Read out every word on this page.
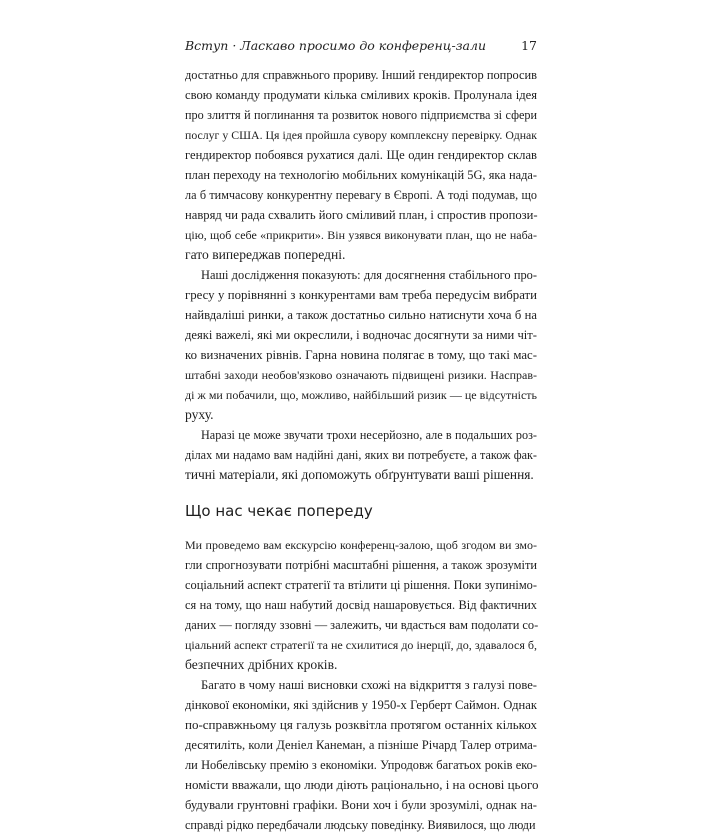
Вступ · Ласкаво просимо до конференц-зали	17
достатньо для справжнього прориву. Інший гендиректор попросив
свою команду продумати кілька сміливих кроків. Пролунала ідея
про злиття й поглинання та розвиток нового підприємства зі сфери
послуг у США. Ця ідея пройшла сувору комплексну перевірку. Однак
гендиректор побоявся рухатися далі. Ще один гендиректор склав
план переходу на технологію мобільних комунікацій 5G, яка нада-
ла б тимчасову конкурентну перевагу в Європі. А тоді подумав, що
навряд чи рада схвалить його сміливий план, і спростив пропози-
цію, щоб себе «прикрити». Він узявся виконувати план, що не наба-
гато випереджав попередні.
Наші дослідження показують: для досягнення стабільного про-
гресу у порівнянні з конкурентами вам треба передусім вибрати
найвдаліші ринки, а також достатньо сильно натиснути хоча б на
деякі важелі, які ми окреслили, і водночас досягнути за ними чіт-
ко визначених рівнів. Гарна новина полягає в тому, що такі мас-
штабні заходи необов'язково означають підвищені ризики. Насправ-
ді ж ми побачили, що, можливо, найбільший ризик — це відсутність
руху.
Наразі це може звучати трохи несерйозно, але в подальших роз-
ділах ми надамо вам надійні дані, яких ви потребуєте, а також фак-
тичні матеріали, які допоможуть обґрунтувати ваші рішення.
Що нас чекає попереду
Ми проведемо вам екскурсію конференц-залою, щоб згодом ви змо-
гли спрогнозувати потрібні масштабні рішення, а також зрозуміти
соціальний аспект стратегії та втілити ці рішення. Поки зупинімо-
ся на тому, що наш набутий досвід нашаровується. Від фактичних
даних — погляду ззовні — залежить, чи вдасться вам подолати со-
ціальний аспект стратегії та не схилитися до інерції, до, здавалося б,
безпечних дрібних кроків.
Багато в чому наші висновки схожі на відкриття з галузі пове-
дінкової економіки, які здійснив у 1950-х Герберт Саймон. Однак
по-справжньому ця галузь розквітла протягом останніх кількох
десятиліть, коли Деніел Канеман, а пізніше Річард Талер отрима-
ли Нобелівську премію з економіки. Упродовж багатьох років еко-
номісти вважали, що люди діють раціонально, і на основі цього
будували грунтовні графіки. Вони хоч і були зрозумілі, однак на-
справді рідко передбачали людську поведінку. Виявилося, що люди
